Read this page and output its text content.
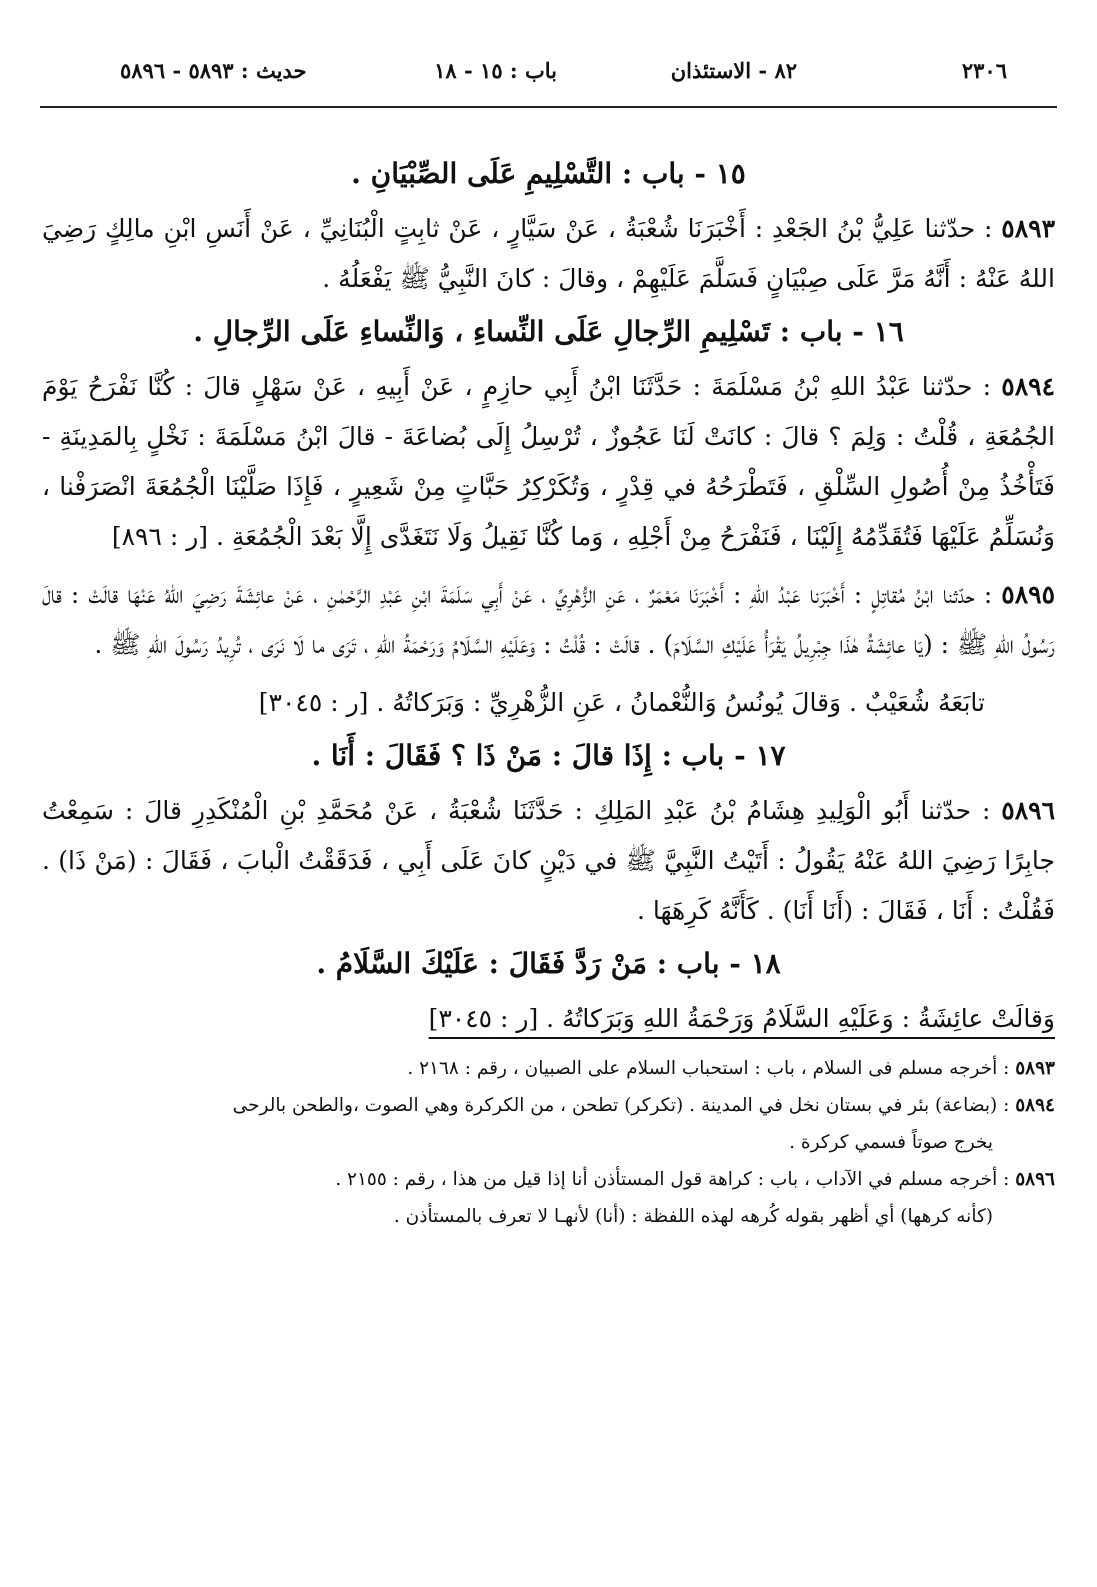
٢٣٠٦
٨٢ - الاستئذان
باب : ١٥ - ١٨
حديث : ٥٨٩٣ - ٥٨٩٦
١٥ - باب : التَّسْلِيمِ عَلَى الصِّبْيَانِ .

٥٨٩٣ : حدّثنا عَلِيُّ بْنُ الجَعْدِ : أَخْبَرَنَا شُعْبَةُ ، عَنْ سَيَّارٍ ، عَنْ ثابِتٍ الْبُنَانِيِّ ، عَنْ أَنَسِ ابْنِ مالِكٍ رَضِيَ اللهُ عَنْهُ : أَنَّهُ مَرَّ عَلَى صِبْيَانٍ فَسَلَّمَ عَلَيْهِمْ ، وقالَ : كانَ النَّبِيُّ ﷺ يَفْعَلُهُ .

١٦ - باب : تَسْلِيمِ الرِّجالِ عَلَى النِّساءِ ، وَالنِّساءِ عَلَى الرِّجالِ .

٥٨٩٤ : حدّثنا عَبْدُ اللهِ بْنُ مَسْلَمَةَ : حَدَّثَنَا ابْنُ أَبِي حازِمٍ ، عَنْ أَبِيهِ ، عَنْ سَهْلٍ قالَ : كُنَّا نَفْرَحُ يَوْمَ الجُمُعَةِ ، قُلْتُ : وَلِمَ ؟ قالَ : كانَتْ لَنَا عَجُوزٌ ، تُرْسِلُ إِلَى بُضاعَةَ - قالَ ابْنُ مَسْلَمَةَ : نَخْلٍ بِالمَدِينَةِ - فَتَأْخُذُ مِنْ أُصُولِ السِّلْقِ ، فَتَطْرَحُهُ في قِدْرٍ ، وَتُكَرْكِرُ حَبَّاتٍ مِنْ شَعِيرٍ ، فَإِذَا صَلَّيْنَا الْجُمُعَةَ انْصَرَفْنا ، وَنُسَلِّمُ عَلَيْهَا فَتُقَدِّمُهُ إِلَيْنَا ، فَنَفْرَحُ مِنْ أَجْلِهِ ، وَما كُنَّا نَقِيلُ وَلَا نَتَغَدَّى إِلَّا بَعْدَ الْجُمُعَةِ . [ر : ٨٩٦]

٥٨٩٥ : حدّثنا ابْنُ مُقاتِلٍ : أَخْبَرَنا عَبْدُ اللهِ : أَخْبَرَنَا مَعْمَرٌ ، عَنِ الزُّهْرِيِّ ، عَنْ أَبِي سَلَمَةَ ابْنِ عَبْدِ الرَّحْمٰنِ ، عَنْ عائِشَةَ رَضِيَ اللهُ عَنْهَا قالَتْ : قالَ رَسُولُ اللهِ ﷺ : (يَا عائِشَةُ هٰذَا جِبْرِيلُ يَقْرَأُ عَلَيْكِ السَّلَامَ) . قالَتْ : قُلْتُ : وَعَلَيْهِ السَّلَامُ وَرَحْمَةُ اللهِ ، تَرَى ما لَا نَرَى ، تُرِيدُ رَسُولَ اللهِ ﷺ .

تابَعَهُ شُعَيْبٌ . وَقالَ يُونُسُ وَالنُّعْمانُ ، عَنِ الزُّهْرِيِّ : وَبَرَكاتُهُ . [ر : ٣٠٤٥]

١٧ - باب : إِذَا قالَ : مَنْ ذَا ؟ فَقَالَ : أَنَا .

٥٨٩٦ : حدّثنا أَبُو الْوَلِيدِ هِشَامُ بْنُ عَبْدِ المَلِكِ : حَدَّثَنَا شُعْبَةُ ، عَنْ مُحَمَّدِ بْنِ الْمُنْكَدِرِ قالَ : سَمِعْتُ جابِرًا رَضِيَ اللهُ عَنْهُ يَقُولُ : أَتَيْتُ النَّبِيَّ ﷺ في دَيْنٍ كانَ عَلَى أَبِي ، فَدَقَقْتُ الْبابَ ، فَقَالَ : (مَنْ ذَا) . فَقُلْتُ : أَنَا ، فَقَالَ : (أَنَا أَنَا) . كَأَنَّهُ كَرِهَهَا .

١٨ - باب : مَنْ رَدَّ فَقَالَ : عَلَيْكَ السَّلَامُ .

وَقالَتْ عائِشَةُ : وَعَلَيْهِ السَّلَامُ وَرَحْمَةُ اللهِ وَبَرَكاتُهُ . [ر : ٣٠٤٥]

٥٨٩٣ : أخرجه مسلم فى السلام ، باب : استحباب السلام على الصبيان ، رقم : ٢١٦٨ .

٥٨٩٤ : (بضاعة) بئر في بستان نخل في المدينة . (تكركر) تطحن ، من الكركرة وهي الصوت ،والطحن بالرحى

يخرج صوتاً فسمي كركرة .

٥٨٩٦ : أخرجه مسلم في الآداب ، باب : كراهة قول المستأذن أنا إذا قيل من هذا ، رقم : ٢١٥٥ .

(كأنه كرهها) أي أظهر بقوله كُرهه لهذه اللفظة : (أنا) لأنهـا لا تعرف بالمستأذن .
